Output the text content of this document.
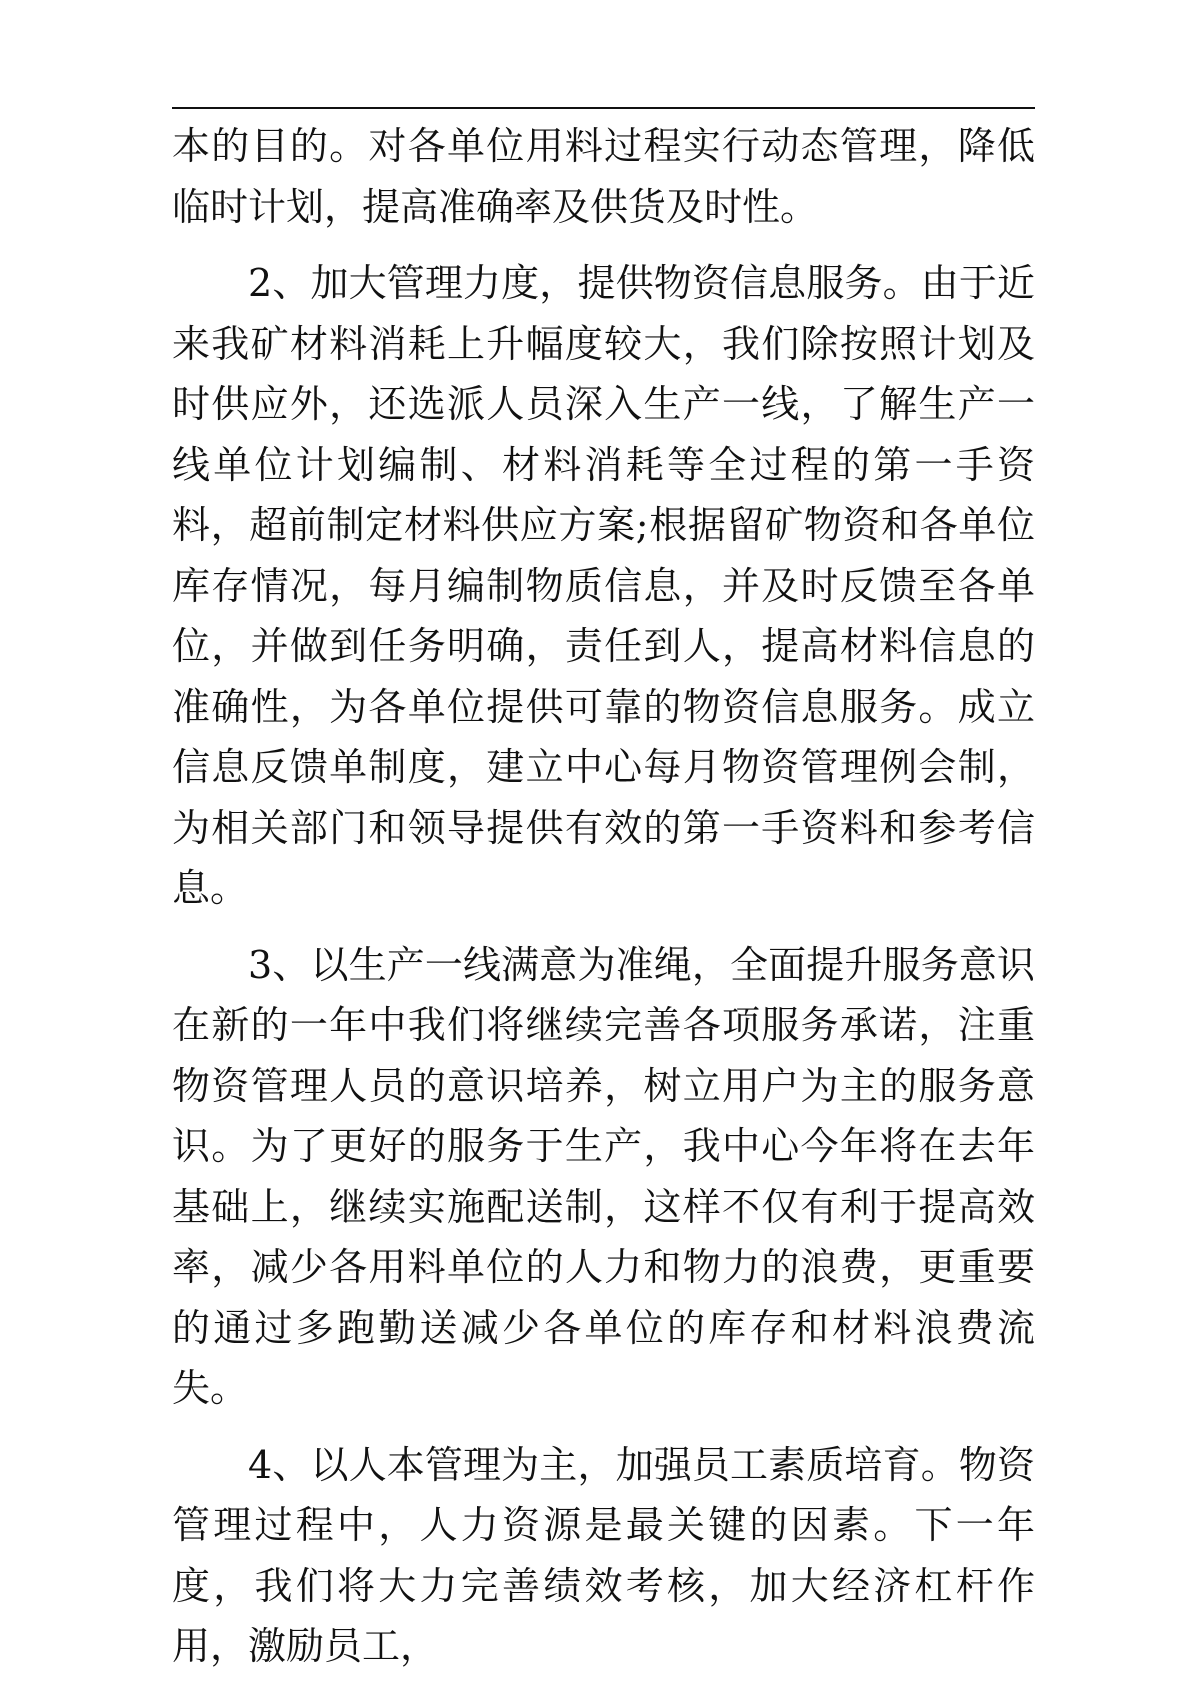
本的目的。对各单位用料过程实行动态管理，降低临时计划，提高准确率及供货及时性。

2、加大管理力度，提供物资信息服务。由于近来我矿材料消耗上升幅度较大，我们除按照计划及时供应外，还选派人员深入生产一线，了解生产一线单位计划编制、材料消耗等全过程的第一手资料，超前制定材料供应方案;根据留矿物资和各单位库存情况，每月编制物质信息，并及时反馈至各单位，并做到任务明确，责任到人，提高材料信息的准确性，为各单位提供可靠的物资信息服务。成立信息反馈单制度，建立中心每月物资管理例会制，为相关部门和领导提供有效的第一手资料和参考信息。

3、以生产一线满意为准绳，全面提升服务意识在新的一年中我们将继续完善各项服务承诺，注重物资管理人员的意识培养，树立用户为主的服务意识。为了更好的服务于生产，我中心今年将在去年基础上，继续实施配送制，这样不仅有利于提高效率，减少各用料单位的人力和物力的浪费，更重要的通过多跑勤送减少各单位的库存和材料浪费流失。

4、以人本管理为主，加强员工素质培育。物资管理过程中，人力资源是最关键的因素。下一年度，我们将大力完善绩效考核，加大经济杠杆作用，激励员工，
